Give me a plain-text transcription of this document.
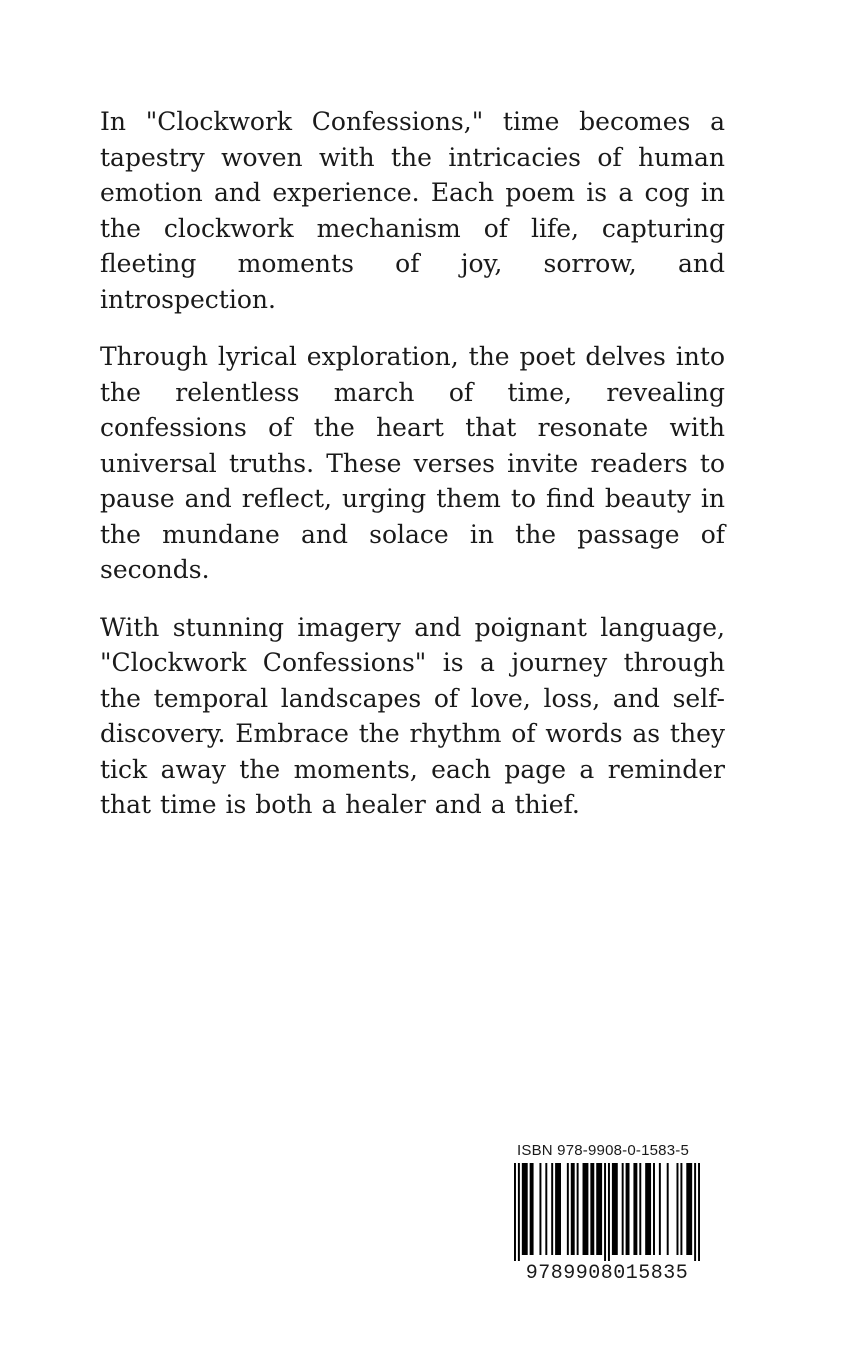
In "Clockwork Confessions," time becomes a tapestry woven with the intricacies of human emotion and experience. Each poem is a cog in the clockwork mechanism of life, capturing fleeting moments of joy, sorrow, and introspection.

Through lyrical exploration, the poet delves into the relentless march of time, revealing confessions of the heart that resonate with universal truths. These verses invite readers to pause and reflect, urging them to find beauty in the mundane and solace in the passage of seconds.

With stunning imagery and poignant language, "Clockwork Confessions" is a journey through the temporal landscapes of love, loss, and self-discovery. Embrace the rhythm of words as they tick away the moments, each page a reminder that time is both a healer and a thief.

ISBN 978-9908-0-1583-5
9789908015835
